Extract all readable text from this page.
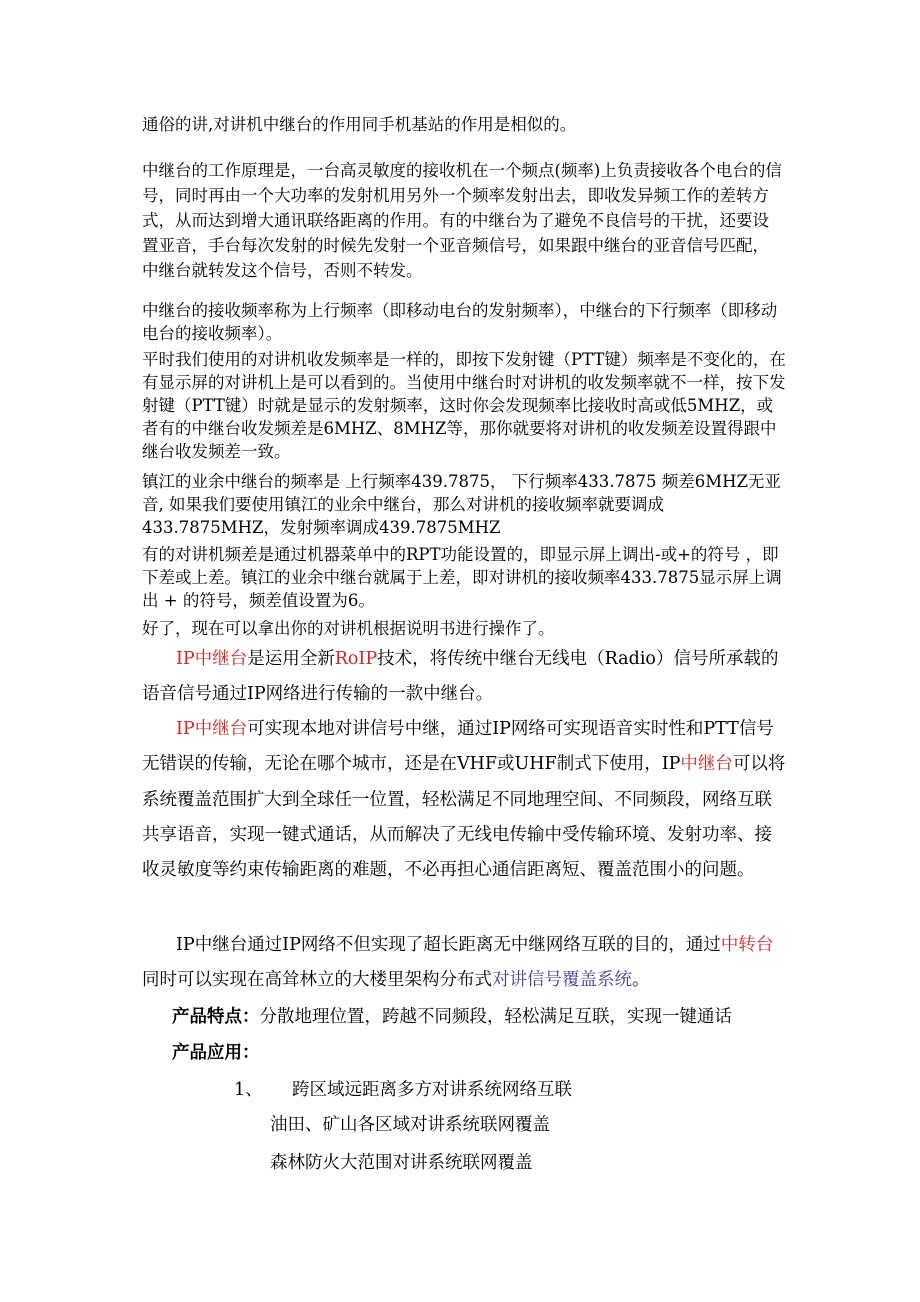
通俗的讲,对讲机中继台的作用同手机基站的作用是相似的。
中继台的工作原理是，一台高灵敏度的接收机在一个频点(频率)上负责接收各个电台的信号，同时再由一个大功率的发射机用另外一个频率发射出去，即收发异频工作的差转方式，从而达到增大通讯联络距离的作用。有的中继台为了避免不良信号的干扰，还要设置亚音，手台每次发射的时候先发射一个亚音频信号，如果跟中继台的亚音信号匹配，中继台就转发这个信号，否则不转发。
中继台的接收频率称为上行频率（即移动电台的发射频率），中继台的下行频率（即移动电台的接收频率）。
平时我们使用的对讲机收发频率是一样的，即按下发射键（PTT键）频率是不变化的，在有显示屏的对讲机上是可以看到的。当使用中继台时对讲机的收发频率就不一样，按下发射键（PTT键）时就是显示的发射频率，这时你会发现频率比接收时高或低5MHZ，或者有的中继台收发频差是6MHZ、8MHZ等，那你就要将对讲机的收发频差设置得跟中继台收发频差一致。
镇江的业余中继台的频率是 上行频率439.7875， 下行频率433.7875 频差6MHZ无亚音, 如果我们要使用镇江的业余中继台，那么对讲机的接收频率就要调成433.7875MHZ，发射频率调成439.7875MHZ
有的对讲机频差是通过机器菜单中的RPT功能设置的，即显示屏上调出-或+的符号 ，即下差或上差。镇江的业余中继台就属于上差，即对讲机的接收频率433.7875显示屏上调出 + 的符号，频差值设置为6。
好了，现在可以拿出你的对讲机根据说明书进行操作了。
IP中继台是运用全新RoIP技术，将传统中继台无线电（Radio）信号所承载的语音信号通过IP网络进行传输的一款中继台。
IP中继台可实现本地对讲信号中继，通过IP网络可实现语音实时性和PTT信号无错误的传输，无论在哪个城市，还是在VHF或UHF制式下使用，IP中继台可以将系统覆盖范围扩大到全球任一位置，轻松满足不同地理空间、不同频段，网络互联共享语音，实现一键式通话，从而解决了无线电传输中受传输环境、发射功率、接收灵敏度等约束传输距离的难题，不必再担心通信距离短、覆盖范围小的问题。
IP中继台通过IP网络不但实现了超长距离无中继网络互联的目的，通过中转台同时可以实现在高耸林立的大楼里架构分布式对讲信号覆盖系统。
产品特点：分散地理位置，跨越不同频段，轻松满足互联，实现一键通话
产品应用：
1、 跨区域远距离多方对讲系统网络互联
油田、矿山各区域对讲系统联网覆盖
森林防火大范围对讲系统联网覆盖
